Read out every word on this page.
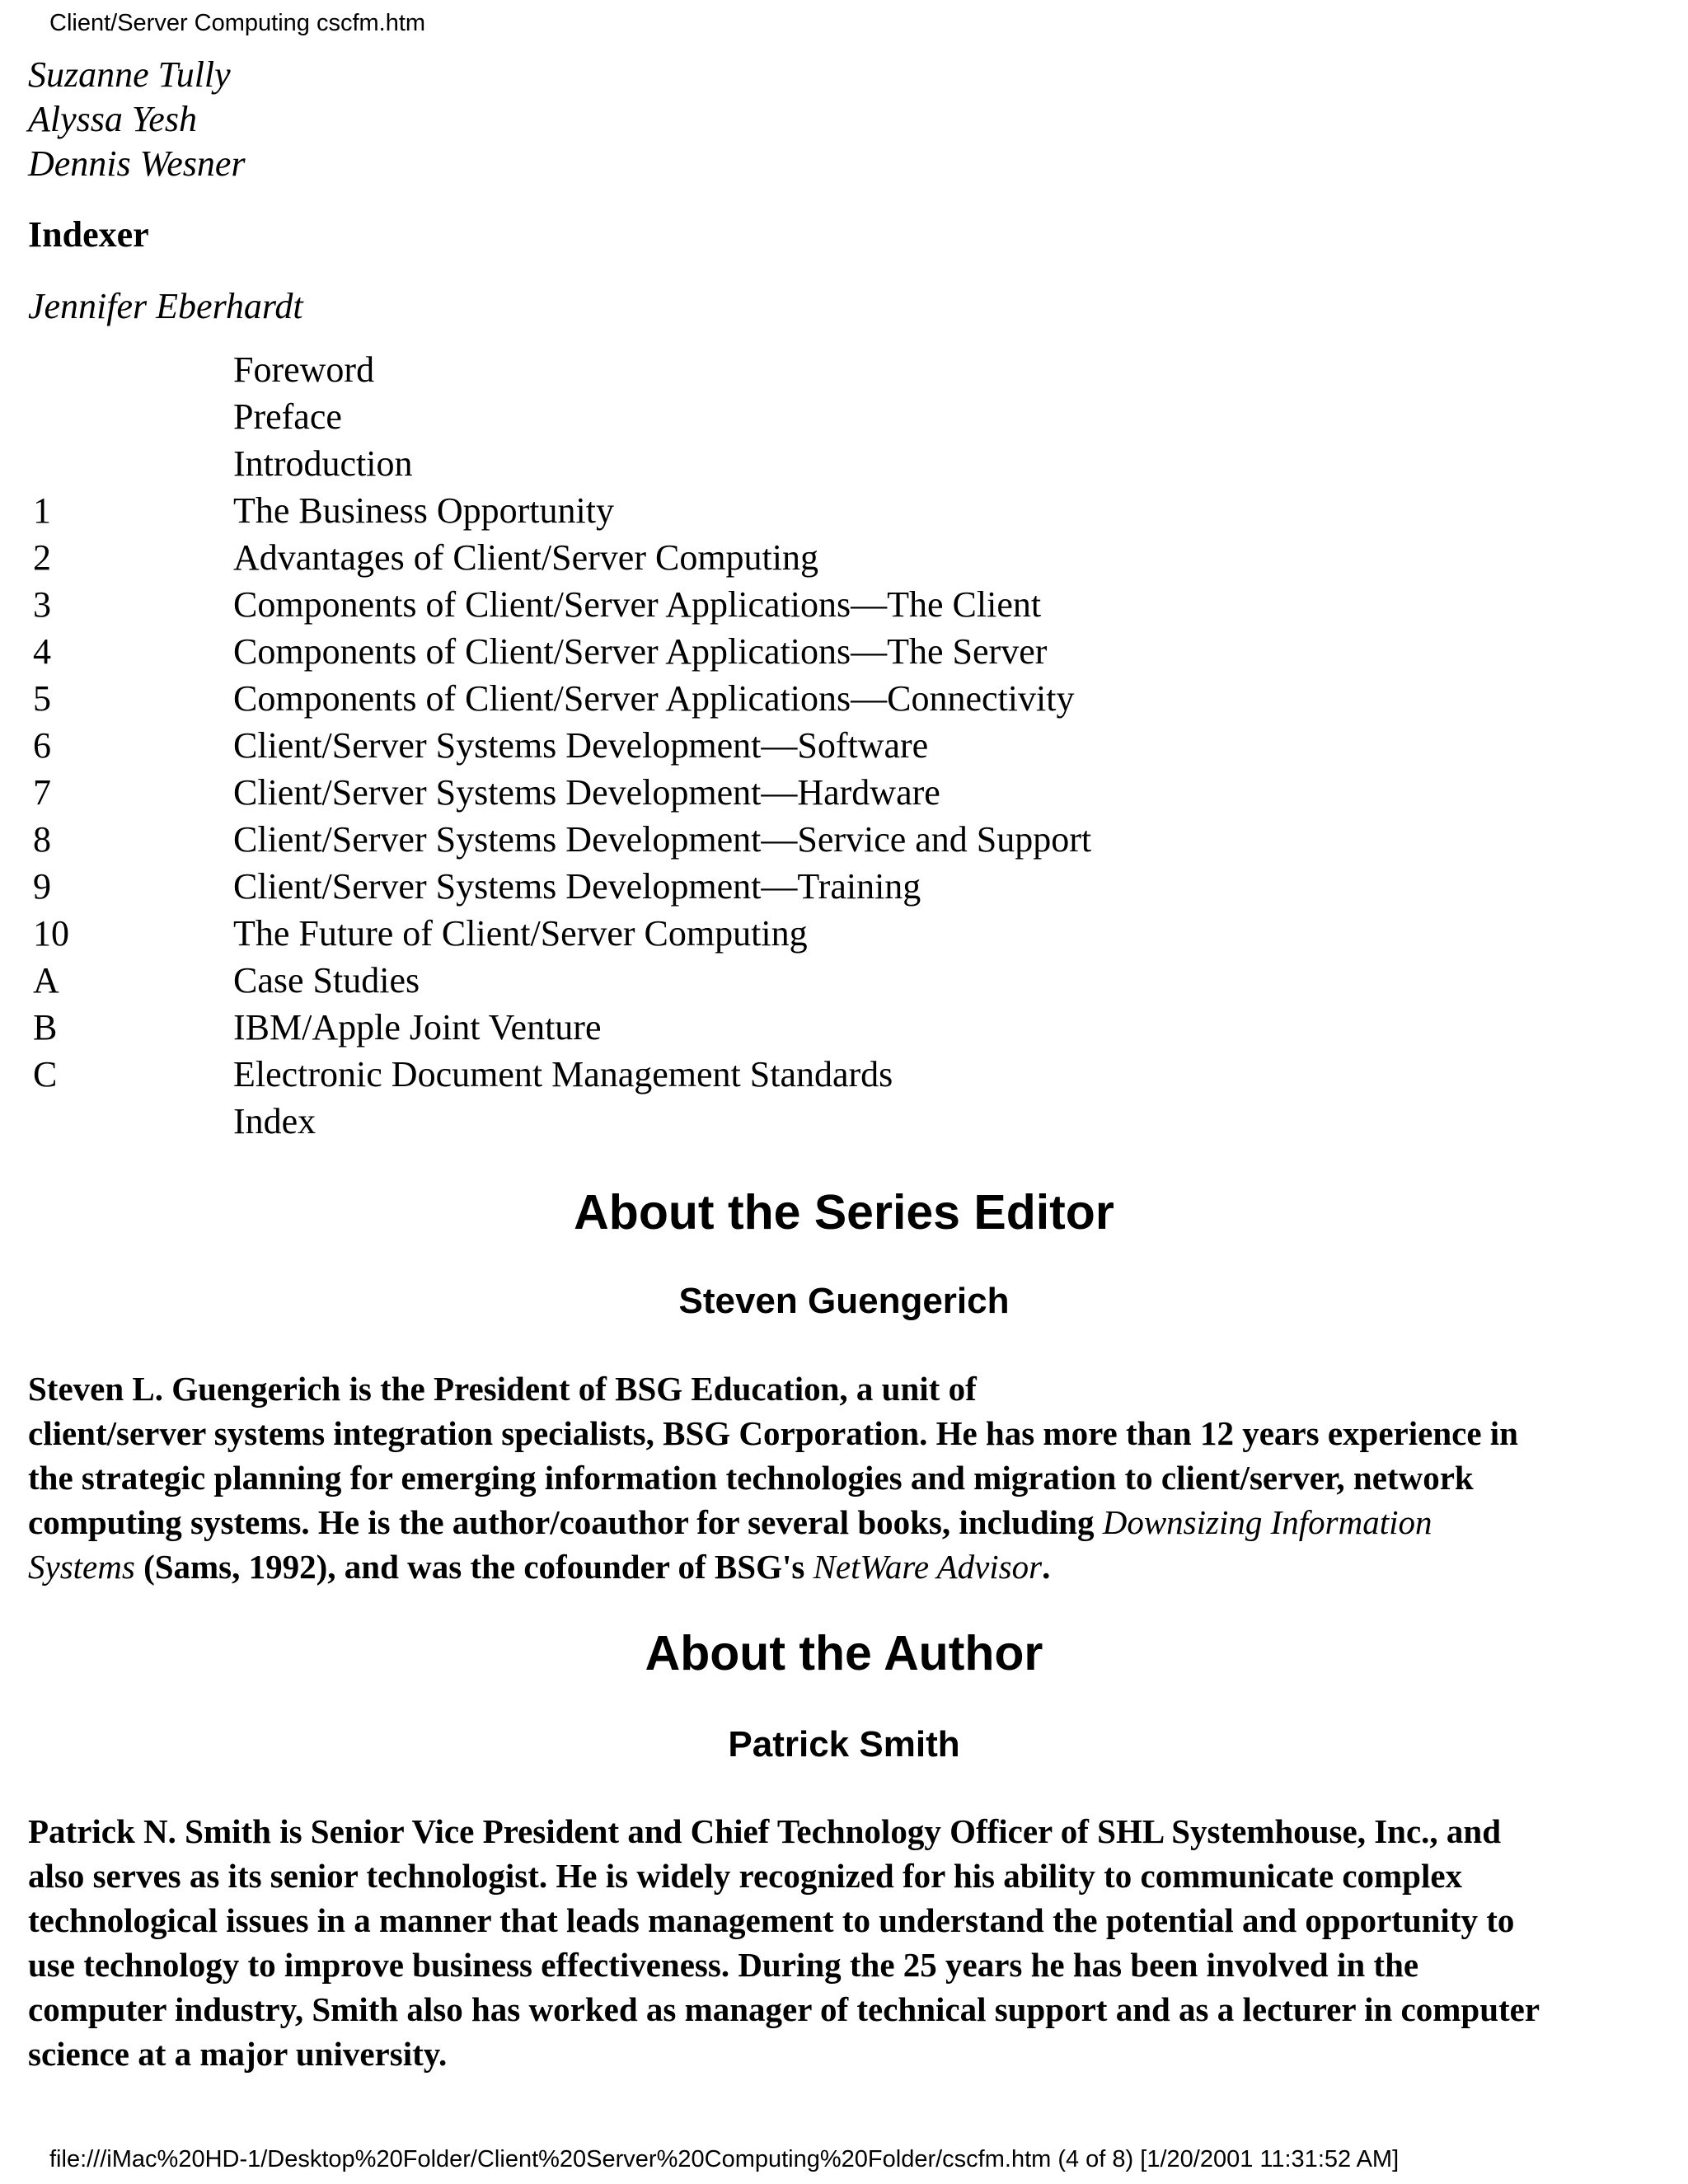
Client/Server Computing cscfm.htm
Suzanne Tully
Alyssa Yesh
Dennis Wesner
Indexer
Jennifer Eberhardt
Foreword
Preface
Introduction
1	The Business Opportunity
2	Advantages of Client/Server Computing
3	Components of Client/Server Applications—The Client
4	Components of Client/Server Applications—The Server
5	Components of Client/Server Applications—Connectivity
6	Client/Server Systems Development—Software
7	Client/Server Systems Development—Hardware
8	Client/Server Systems Development—Service and Support
9	Client/Server Systems Development—Training
10	The Future of Client/Server Computing
A	Case Studies
B	IBM/Apple Joint Venture
C	Electronic Document Management Standards
Index
About the Series Editor
Steven Guengerich

Steven L. Guengerich is the President of BSG Education, a unit of
client/server systems integration specialists, BSG Corporation. He has more than 12 years experience in
the strategic planning for emerging information technologies and migration to client/server, network
computing systems. He is the author/coauthor for several books, including Downsizing Information
Systems (Sams, 1992), and was the cofounder of BSG's NetWare Advisor.

About the Author
Patrick Smith

Patrick N. Smith is Senior Vice President and Chief Technology Officer of SHL Systemhouse, Inc., and
also serves as its senior technologist. He is widely recognized for his ability to communicate complex
technological issues in a manner that leads management to understand the potential and opportunity to
use technology to improve business effectiveness. During the 25 years he has been involved in the
computer industry, Smith also has worked as manager of technical support and as a lecturer in computer
science at a major university.

file:///iMac%20HD-1/Desktop%20Folder/Client%20Server%20Computing%20Folder/cscfm.htm (4 of 8) [1/20/2001 11:31:52 AM]
